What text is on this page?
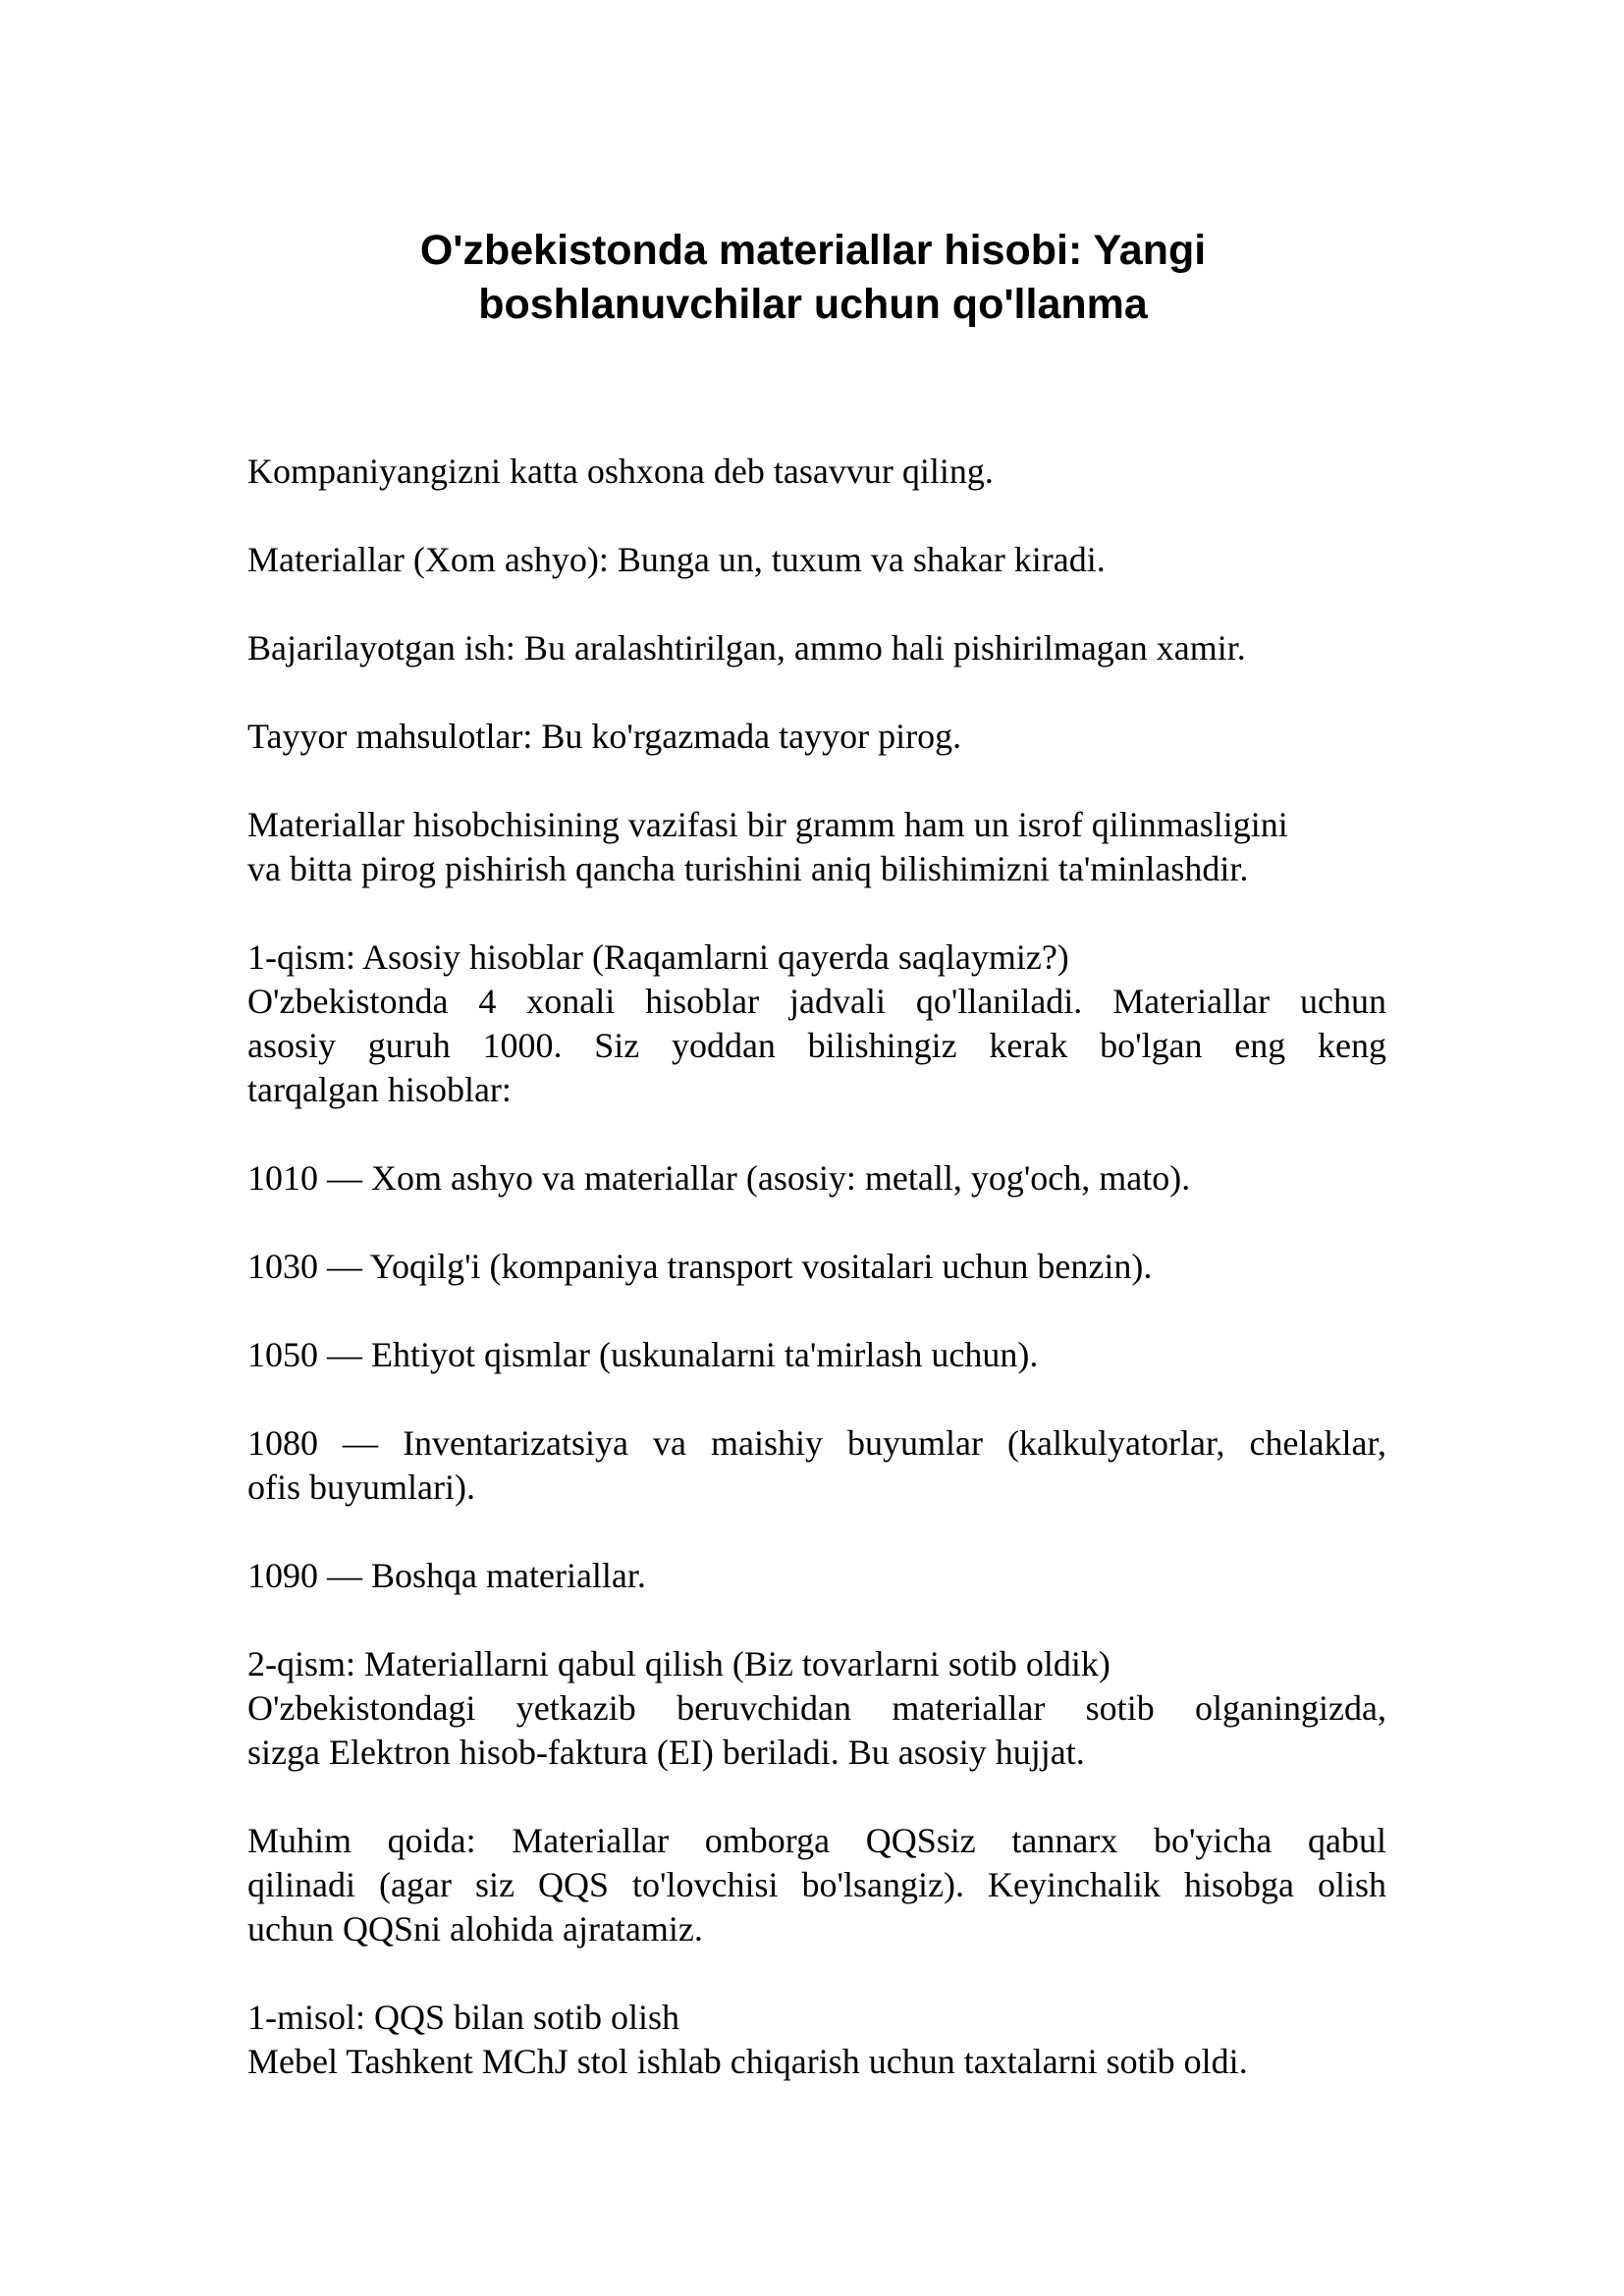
O'zbekistonda materiallar hisobi: Yangi
boshlanuvchilar uchun qo'llanma

Kompaniyangizni katta oshxona deb tasavvur qiling.

Materiallar (Xom ashyo): Bunga un, tuxum va shakar kiradi.

Bajarilayotgan ish: Bu aralashtirilgan, ammo hali pishirilmagan xamir.

Tayyor mahsulotlar: Bu ko'rgazmada tayyor pirog.

Materiallar hisobchisining vazifasi bir gramm ham un isrof qilinmasligini
va bitta pirog pishirish qancha turishini aniq bilishimizni ta'minlashdir.

1-qism: Asosiy hisoblar (Raqamlarni qayerda saqlaymiz?)
O'zbekistonda 4 xonali hisoblar jadvali qo'llaniladi. Materiallar uchun
asosiy guruh 1000. Siz yoddan bilishingiz kerak bo'lgan eng keng
tarqalgan hisoblar:

1010 — Xom ashyo va materiallar (asosiy: metall, yog'och, mato).

1030 — Yoqilg'i (kompaniya transport vositalari uchun benzin).

1050 — Ehtiyot qismlar (uskunalarni ta'mirlash uchun).

1080 — Inventarizatsiya va maishiy buyumlar (kalkulyatorlar, chelaklar,
ofis buyumlari).

1090 — Boshqa materiallar.

2-qism: Materiallarni qabul qilish (Biz tovarlarni sotib oldik)
O'zbekistondagi yetkazib beruvchidan materiallar sotib olganingizda,
sizga Elektron hisob-faktura (EI) beriladi. Bu asosiy hujjat.

Muhim qoida: Materiallar omborga QQSsiz tannarx bo'yicha qabul
qilinadi (agar siz QQS to'lovchisi bo'lsangiz). Keyinchalik hisobga olish
uchun QQSni alohida ajratamiz.

1-misol: QQS bilan sotib olish
Mebel Tashkent MChJ stol ishlab chiqarish uchun taxtalarni sotib oldi.
